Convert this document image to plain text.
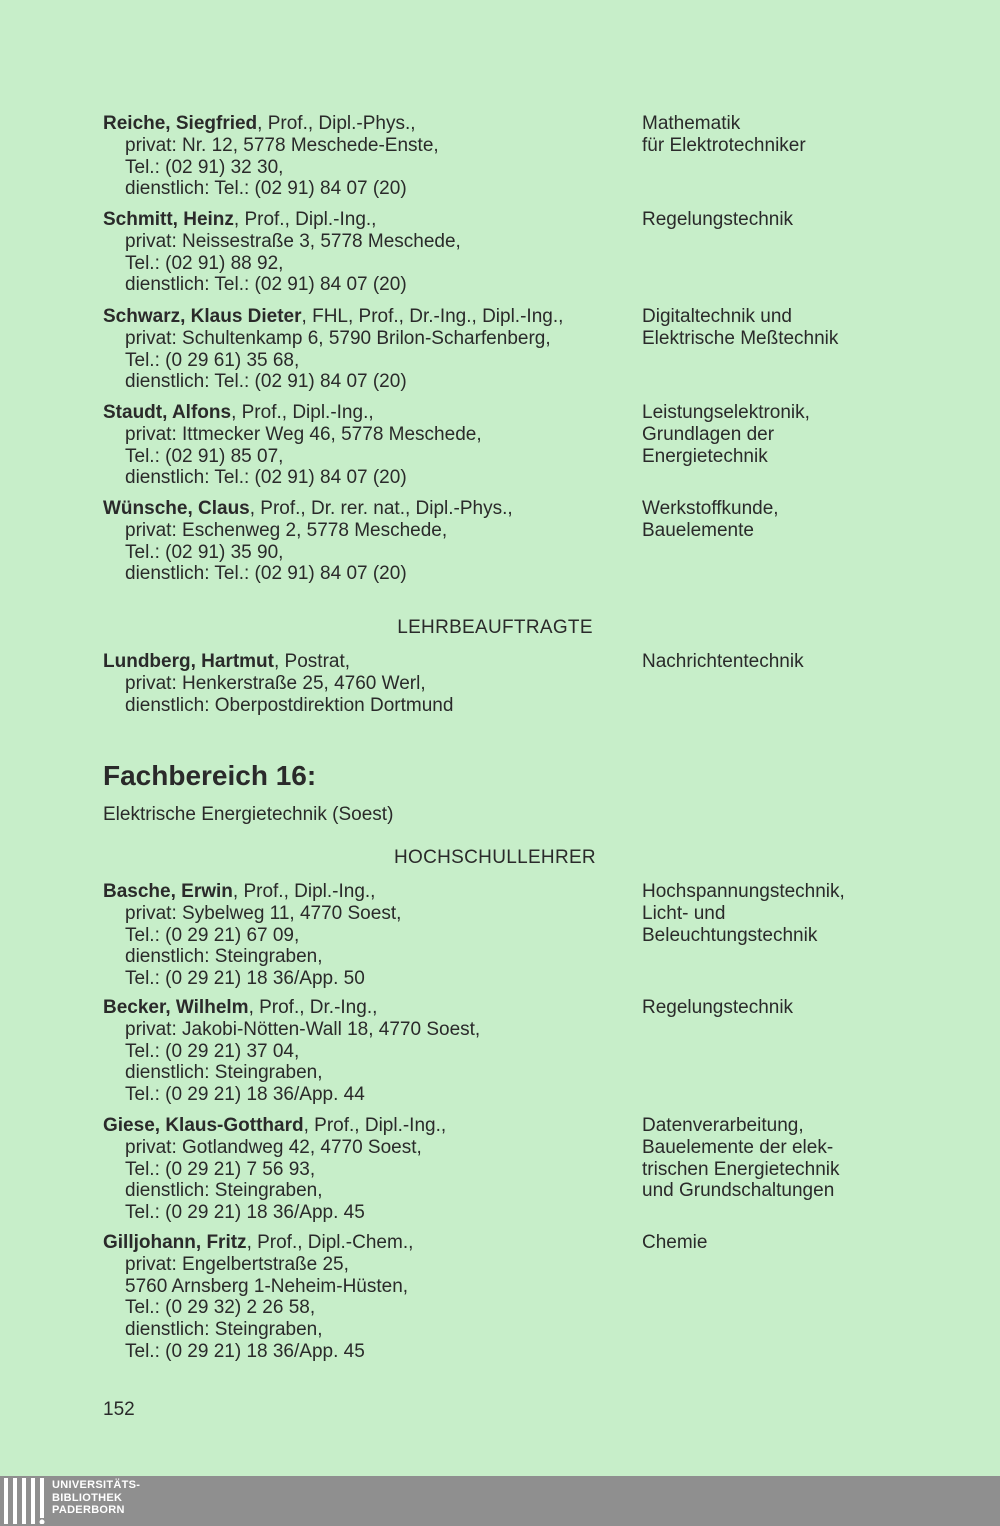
Reiche, Siegfried, Prof., Dipl.-Phys.,
privat: Nr. 12, 5778 Meschede-Enste,
Tel.: (02 91) 32 30,
dienstlich: Tel.: (02 91) 84 07 (20)
Mathematik
für Elektrotechniker
Schmitt, Heinz, Prof., Dipl.-Ing.,
privat: Neissestraße 3, 5778 Meschede,
Tel.: (02 91) 88 92,
dienstlich: Tel.: (02 91) 84 07 (20)
Regelungstechnik
Schwarz, Klaus Dieter, FHL, Prof., Dr.-Ing., Dipl.-Ing.,
privat: Schultenkamp 6, 5790 Brilon-Scharfenberg,
Tel.: (0 29 61) 35 68,
dienstlich: Tel.: (02 91) 84 07 (20)
Digitaltechnik und
Elektrische Meßtechnik
Staudt, Alfons, Prof., Dipl.-Ing.,
privat: Ittmecker Weg 46, 5778 Meschede,
Tel.: (02 91) 85 07,
dienstlich: Tel.: (02 91) 84 07 (20)
Leistungselektronik,
Grundlagen der
Energietechnik
Wünsche, Claus, Prof., Dr. rer. nat., Dipl.-Phys.,
privat: Eschenweg 2, 5778 Meschede,
Tel.: (02 91) 35 90,
dienstlich: Tel.: (02 91) 84 07 (20)
Werkstoffkunde,
Bauelemente
LEHRBEAUFTRAGTE
Lundberg, Hartmut, Postrat,
privat: Henkerstraße 25, 4760 Werl,
dienstlich: Oberpostdirektion Dortmund
Nachrichtentechnik
Fachbereich 16:
Elektrische Energietechnik (Soest)
HOCHSCHULLEHRER
Basche, Erwin, Prof., Dipl.-Ing.,
privat: Sybelweg 11, 4770 Soest,
Tel.: (0 29 21) 67 09,
dienstlich: Steingraben,
Tel.: (0 29 21) 18 36/App. 50
Hochspannungstechnik,
Licht- und
Beleuchtungstechnik
Becker, Wilhelm, Prof., Dr.-Ing.,
privat: Jakobi-Nötten-Wall 18, 4770 Soest,
Tel.: (0 29 21) 37 04,
dienstlich: Steingraben,
Tel.: (0 29 21) 18 36/App. 44
Regelungstechnik
Giese, Klaus-Gotthard, Prof., Dipl.-Ing.,
privat: Gotlandweg 42, 4770 Soest,
Tel.: (0 29 21) 7 56 93,
dienstlich: Steingraben,
Tel.: (0 29 21) 18 36/App. 45
Datenverarbeitung,
Bauelemente der elek-
trischen Energietechnik
und Grundschaltungen
Gilljohann, Fritz, Prof., Dipl.-Chem.,
privat: Engelbertstraße 25,
5760 Arnsberg 1-Neheim-Hüsten,
Tel.: (0 29 32) 2 26 58,
dienstlich: Steingraben,
Tel.: (0 29 21) 18 36/App. 45
Chemie
152
UNIVERSITÄTS-
BIBLIOTHEK
PADERBORN
